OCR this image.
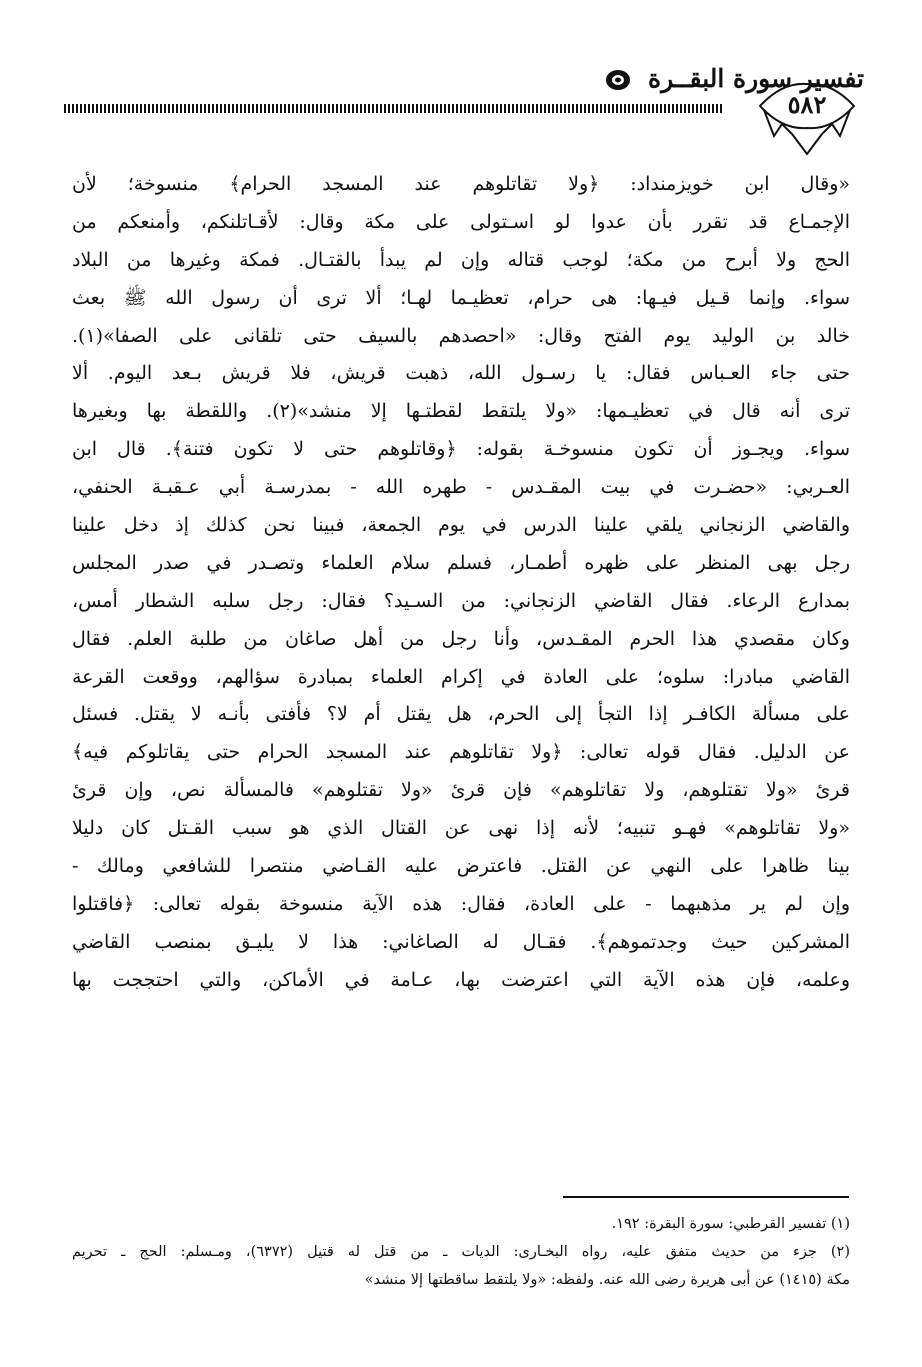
تفسير سورة البقــرة
٥٨٢
«وقال ابن خويزمنداد: ﴿ولا تقاتلوهم عند المسجد الحرام﴾ منسوخة؛ لأن
الإجمـاع قد تقرر بأن عدوا لو اسـتولى على مكة وقال: لأقـاتلنكم، وأمنعكم من
الحج ولا أبرح من مكة؛ لوجب قتاله وإن لم يبدأ بالقتـال. فمكة وغيرها من البلاد
سواء. وإنما قـيل فيـها: هى حرام، تعظيـما لهـا؛ ألا ترى أن رسول الله ﷺ بعث
خالد بن الوليد يوم الفتح وقال: «احصدهم بالسيف حتى تلقانى على الصفا»(١).
حتى جاء العـباس فقال: يا رسـول الله، ذهبت قريش، فلا قريش بـعد اليوم. ألا
ترى أنه قال في تعظيـمها: «ولا يلتقط لقطتـها إلا منشد»(٢). واللقطة بها وبغيرها
سواء. ويجـوز أن تكون منسوخـة بقوله: ﴿وقاتلوهم حتى لا تكون فتنة﴾. قال ابن
العـربي: «حضـرت في بيت المقـدس - طهره الله - بمدرسـة أبي عـقبـة الحنفي،
والقاضي الزنجاني يلقي علينا الدرس في يوم الجمعة، فبينا نحن كذلك إذ دخل علينا
رجل بهى المنظر على ظهره أطمـار، فسلم سلام العلماء وتصـدر في صدر المجلس
بمدارع الرعاء. فقال القاضي الزنجاني: من السـيد؟ فقال: رجل سلبه الشطار أمس،
وكان مقصدي هذا الحرم المقـدس، وأنا رجل من أهل صاغان من طلبة العلم. فقال
القاضي مبادرا: سلوه؛ على العادة في إكرام العلماء بمبادرة سؤالهم، ووقعت القرعة
على مسألة الكافـر إذا التجأ إلى الحرم، هل يقتل أم لا؟ فأفتى بأنـه لا يقتل. فسئل
عن الدليل. فقال قوله تعالى: ﴿ولا تقاتلوهم عند المسجد الحرام حتى يقاتلوكم فيه﴾
قرئ «ولا تقتلوهم، ولا تقاتلوهم» فإن قرئ «ولا تقتلوهم» فالمسألة نص، وإن قرئ
«ولا تقاتلوهم» فهـو تنبيه؛ لأنه إذا نهى عن القتال الذي هو سبب القـتل كان دليلا
بينا ظاهرا على النهي عن القتل. فاعترض عليه القـاضي منتصرا للشافعي ومالك -
وإن لم ير مذهبهما - على العادة، فقال: هذه الآية منسوخة بقوله تعالى: ﴿فاقتلوا
المشركين حيث وجدتموهم﴾. فقـال له الصاغاني: هذا لا يليـق بمنصب القاضي
وعلمه، فإن هذه الآية التي اعترضت بها، عـامة في الأماكن، والتي احتججت بها
(١) تفسير القرطبي: سورة البقرة: ١٩٢.
(٢) جزء من حديث متفق عليه، رواه البخـارى: الديات ـ من قتل له قتيل (٦٣٧٢)، ومـسلم: الحج ـ تحريم
مكة (١٤١٥) عن أبى هريرة رضى الله عنه. ولفظه: «ولا يلتقط ساقطتها إلا منشد»
